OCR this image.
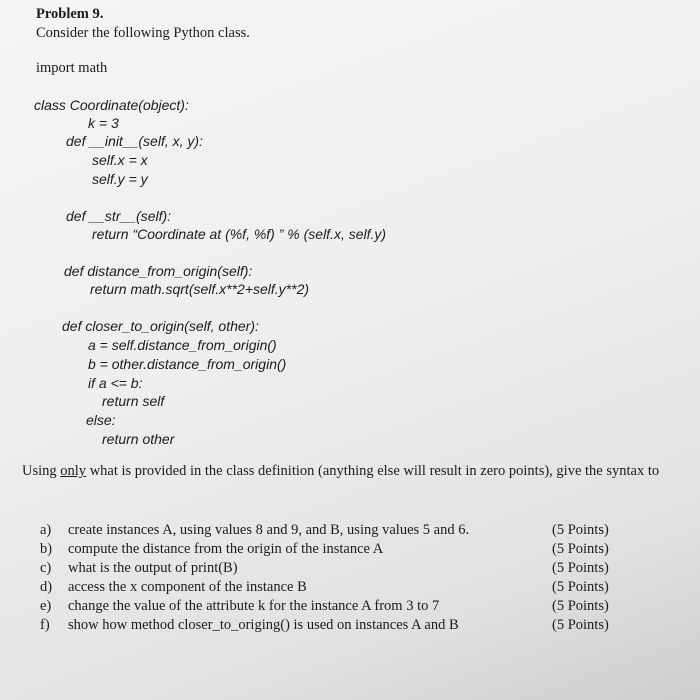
Problem 9.
Consider the following Python class.
import math
class Coordinate(object):
k = 3
def __init__(self, x, y):
self.x = x
self.y = y
def __str__(self):
return “Coordinate at (%f, %f) ” % (self.x, self.y)
def distance_from_origin(self):
return math.sqrt(self.x**2+self.y**2)
def closer_to_origin(self, other):
a = self.distance_from_origin()
b = other.distance_from_origin()
if a <= b:
return self
else:
return other
Using only what is provided in the class definition (anything else will result in zero points), give the syntax to
a) create instances A, using values 8 and 9, and B, using values 5 and 6.	(5 Points)
b) compute the distance from the origin of the instance A	(5 Points)
c) what is the output of print(B)	(5 Points)
d) access the x component of the instance B	(5 Points)
e) change the value of the attribute k for the instance A from 3 to 7	(5 Points)
f) show how method closer_to_origing() is used on instances A and B	(5 Points)
